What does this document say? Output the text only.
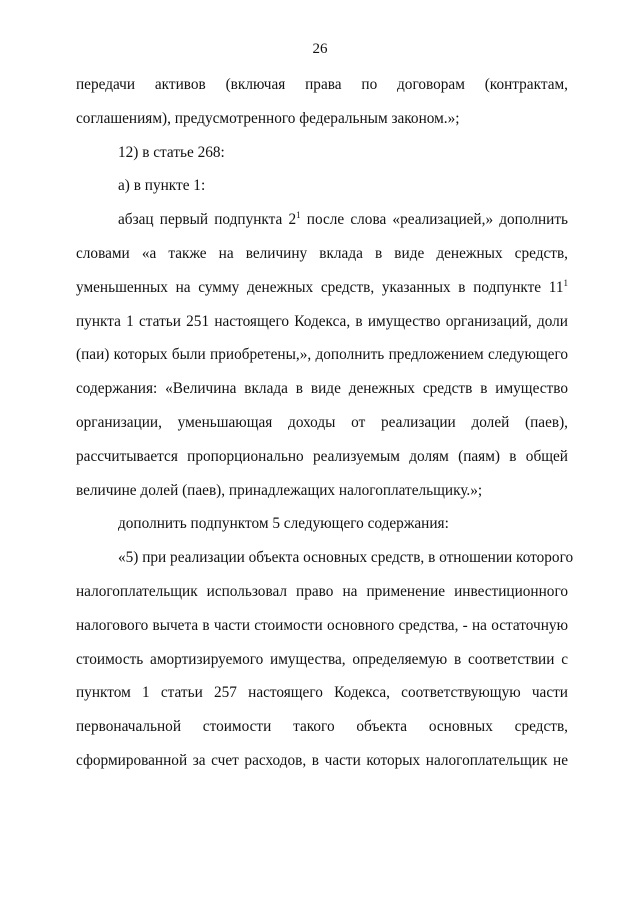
26
передачи активов (включая права по договорам (контрактам,
соглашениям), предусмотренного федеральным законом.»;
12) в статье 268:
а) в пункте 1:
абзац первый подпункта $2^1$ после слова «реализацией,» дополнить
словами «а также на величину вклада в виде денежных средств,
уменьшенных на сумму денежных средств, указанных в подпункте $11^1$
пункта 1 статьи 251 настоящего Кодекса, в имущество организаций, доли
(паи) которых были приобретены,», дополнить предложением следующего
содержания: «Величина вклада в виде денежных средств в имущество
организации, уменьшающая доходы от реализации долей (паев),
рассчитывается пропорционально реализуемым долям (паям) в общей
величине долей (паев), принадлежащих налогоплательщику.»;
дополнить подпунктом 5 следующего содержания:
«5) при реализации объекта основных средств, в отношении которого
налогоплательщик использовал право на применение инвестиционного
налогового вычета в части стоимости основного средства, - на остаточную
стоимость амортизируемого имущества, определяемую в соответствии с
пунктом 1 статьи 257 настоящего Кодекса, соответствующую части
первоначальной стоимости такого объекта основных средств,
сформированной за счет расходов, в части которых налогоплательщик не
